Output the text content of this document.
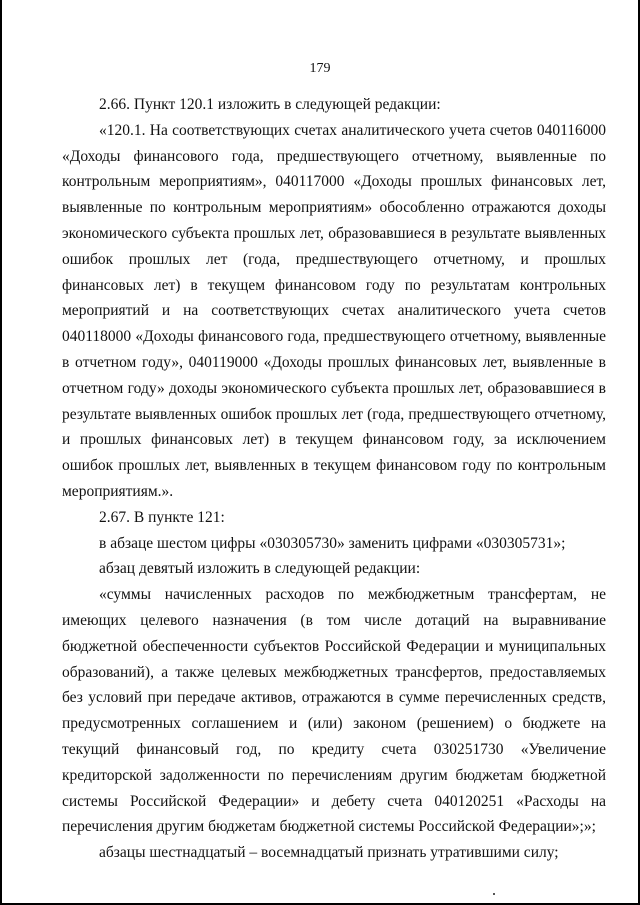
179

2.66. Пункт 120.1 изложить в следующей редакции:

«120.1. На соответствующих счетах аналитического учета счетов 040116000 «Доходы финансового года, предшествующего отчетному, выявленные по контрольным мероприятиям», 040117000 «Доходы прошлых финансовых лет, выявленные по контрольным мероприятиям» обособленно отражаются доходы экономического субъекта прошлых лет, образовавшиеся в результате выявленных ошибок прошлых лет (года, предшествующего отчетному, и прошлых финансовых лет) в текущем финансовом году по результатам контрольных мероприятий и на соответствующих счетах аналитического учета счетов 040118000 «Доходы финансового года, предшествующего отчетному, выявленные в отчетном году», 040119000 «Доходы прошлых финансовых лет, выявленные в отчетном году» доходы экономического субъекта прошлых лет, образовавшиеся в результате выявленных ошибок прошлых лет (года, предшествующего отчетному, и прошлых финансовых лет) в текущем финансовом году, за исключением ошибок прошлых лет, выявленных в текущем финансовом году по контрольным мероприятиям.».

2.67. В пункте 121:

в абзаце шестом цифры «030305730» заменить цифрами «030305731»;

абзац девятый изложить в следующей редакции:

«суммы начисленных расходов по межбюджетным трансфертам, не имеющих целевого назначения (в том числе дотаций на выравнивание бюджетной обеспеченности субъектов Российской Федерации и муниципальных образований), а также целевых межбюджетных трансфертов, предоставляемых без условий при передаче активов, отражаются в сумме перечисленных средств, предусмотренных соглашением и (или) законом (решением) о бюджете на текущий финансовый год, по кредиту счета 030251730 «Увеличение кредиторской задолженности по перечислениям другим бюджетам бюджетной системы Российской Федерации» и дебету счета 040120251 «Расходы на перечисления другим бюджетам бюджетной системы Российской Федерации»;»;

абзацы шестнадцатый – восемнадцатый признать утратившими силу;
